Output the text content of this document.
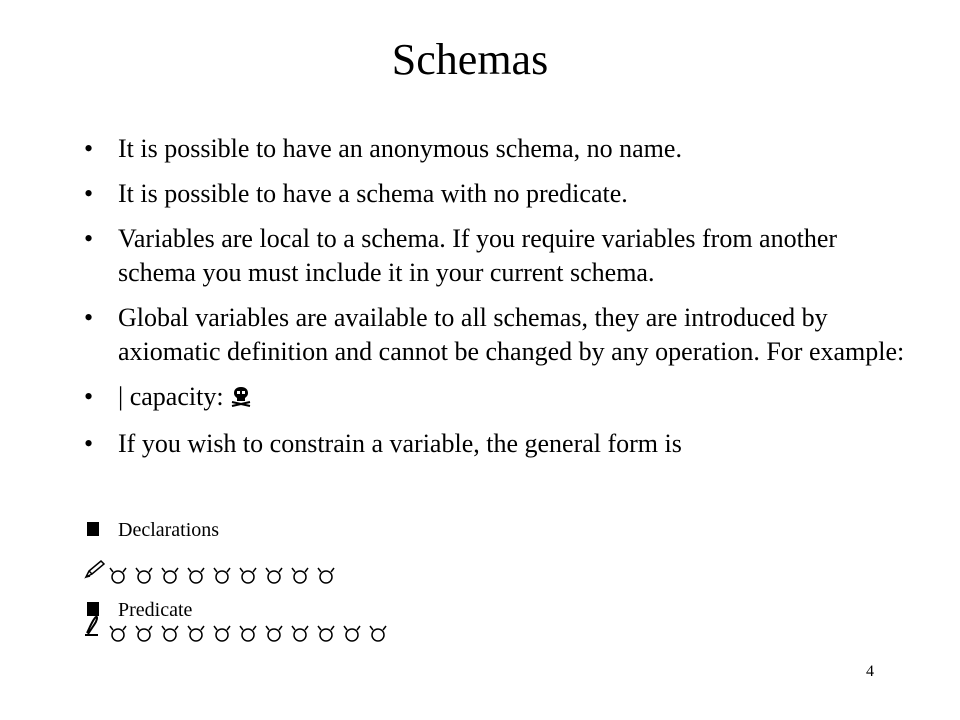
Schemas
• It is possible to have an anonymous schema, no name.
• It is possible to have a schema with no predicate.
• Variables are local to a schema. If you require variables from another schema you must include it in your current schema.
• Global variables are available to all schemas, they are introduced by axiomatic definition and cannot be changed by any operation. For example:
• | capacity:
• If you wish to constrain a variable, the general form is
Declarations
Predicate
4
